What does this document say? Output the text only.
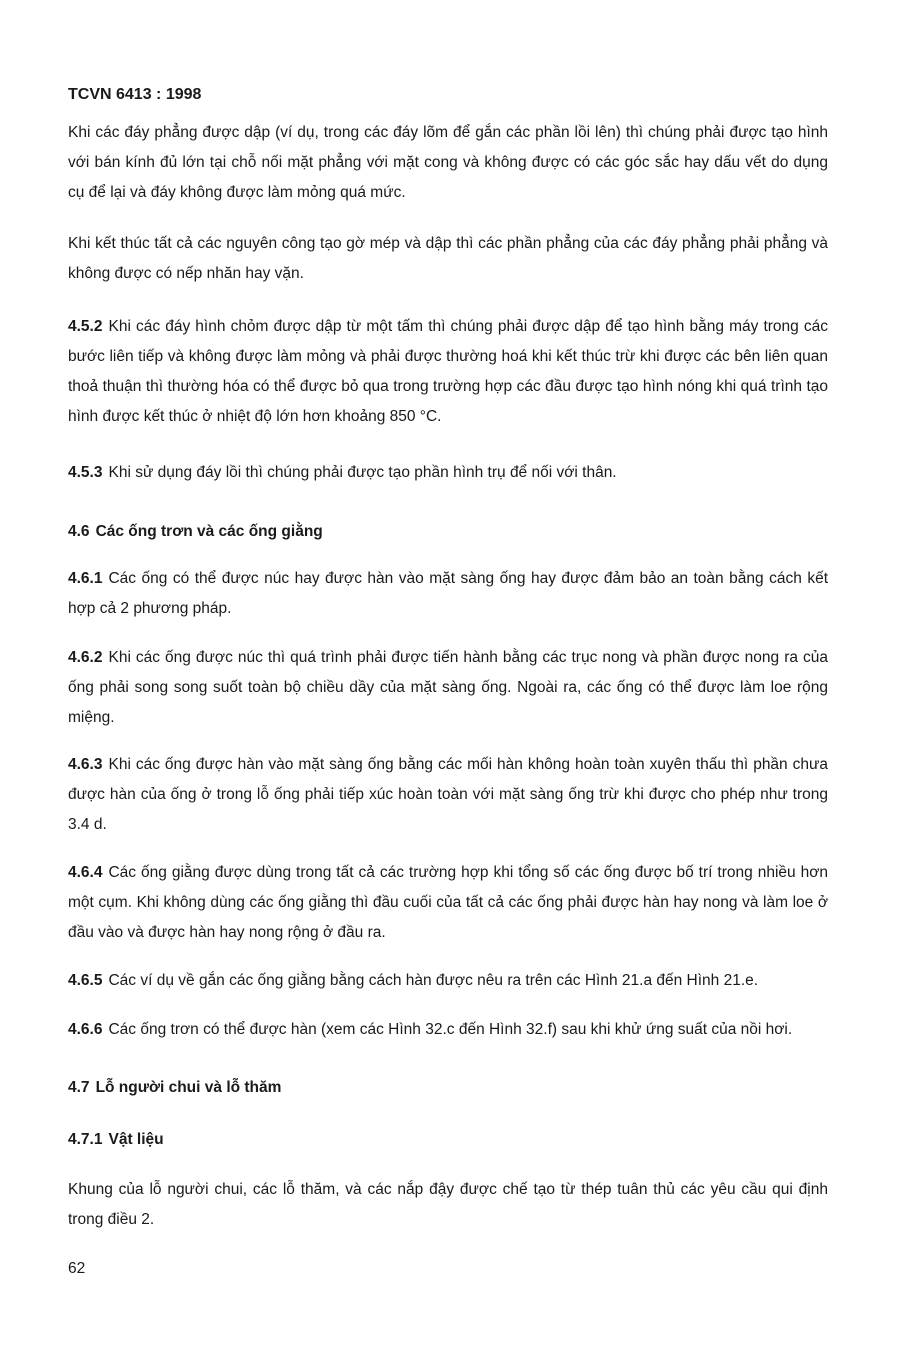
TCVN 6413 : 1998
Khi các đáy phẳng được dập (ví dụ, trong các đáy lõm để gắn các phần lồi lên) thì chúng phải được tạo hình với bán kính đủ lớn tại chỗ nối mặt phẳng với mặt cong và không được có các góc sắc hay dấu vết do dụng cụ để lại và đáy không được làm mỏng quá mức.
Khi kết thúc tất cả các nguyên công tạo gờ mép và dập thì các phần phẳng của các đáy phẳng phải phẳng và không được có nếp nhăn hay vặn.
4.5.2 Khi các đáy hình chỏm được dập từ một tấm thì chúng phải được dập để tạo hình bằng máy trong các bước liên tiếp và không được làm mỏng và phải được thường hoá khi kết thúc trừ khi được các bên liên quan thoả thuận thì thường hóa có thể được bỏ qua trong trường hợp các đầu được tạo hình nóng khi quá trình tạo hình được kết thúc ở nhiệt độ lớn hơn khoảng 850 °C.
4.5.3 Khi sử dụng đáy lồi thì chúng phải được tạo phần hình trụ để nối với thân.
4.6 Các ống trơn và các ống giằng
4.6.1 Các ống có thể được núc hay được hàn vào mặt sàng ống hay được đảm bảo an toàn bằng cách kết hợp cả 2 phương pháp.
4.6.2 Khi các ống được núc thì quá trình phải được tiến hành bằng các trục nong và phần được nong ra của ống phải song song suốt toàn bộ chiều dầy của mặt sàng ống. Ngoài ra, các ống có thể được làm loe rộng miệng.
4.6.3 Khi các ống được hàn vào mặt sàng ống bằng các mối hàn không hoàn toàn xuyên thấu thì phần chưa được hàn của ống ở trong lỗ ống phải tiếp xúc hoàn toàn với mặt sàng ống trừ khi được cho phép như trong 3.4 d.
4.6.4 Các ống giằng được dùng trong tất cả các trường hợp khi tổng số các ống được bố trí trong nhiều hơn một cụm. Khi không dùng các ống giằng thì đầu cuối của tất cả các ống phải được hàn hay nong và làm loe ở đầu vào và được hàn hay nong rộng ở đầu ra.
4.6.5 Các ví dụ về gắn các ống giằng bằng cách hàn được nêu ra trên các Hình 21.a đến Hình 21.e.
4.6.6 Các ống trơn có thể được hàn (xem các Hình 32.c đến Hình 32.f) sau khi khử ứng suất của nồi hơi.
4.7 Lỗ người chui và lỗ thăm
4.7.1 Vật liệu
Khung của lỗ người chui, các lỗ thăm, và các nắp đậy được chế tạo từ thép tuân thủ các yêu cầu qui định trong điều 2.
62
